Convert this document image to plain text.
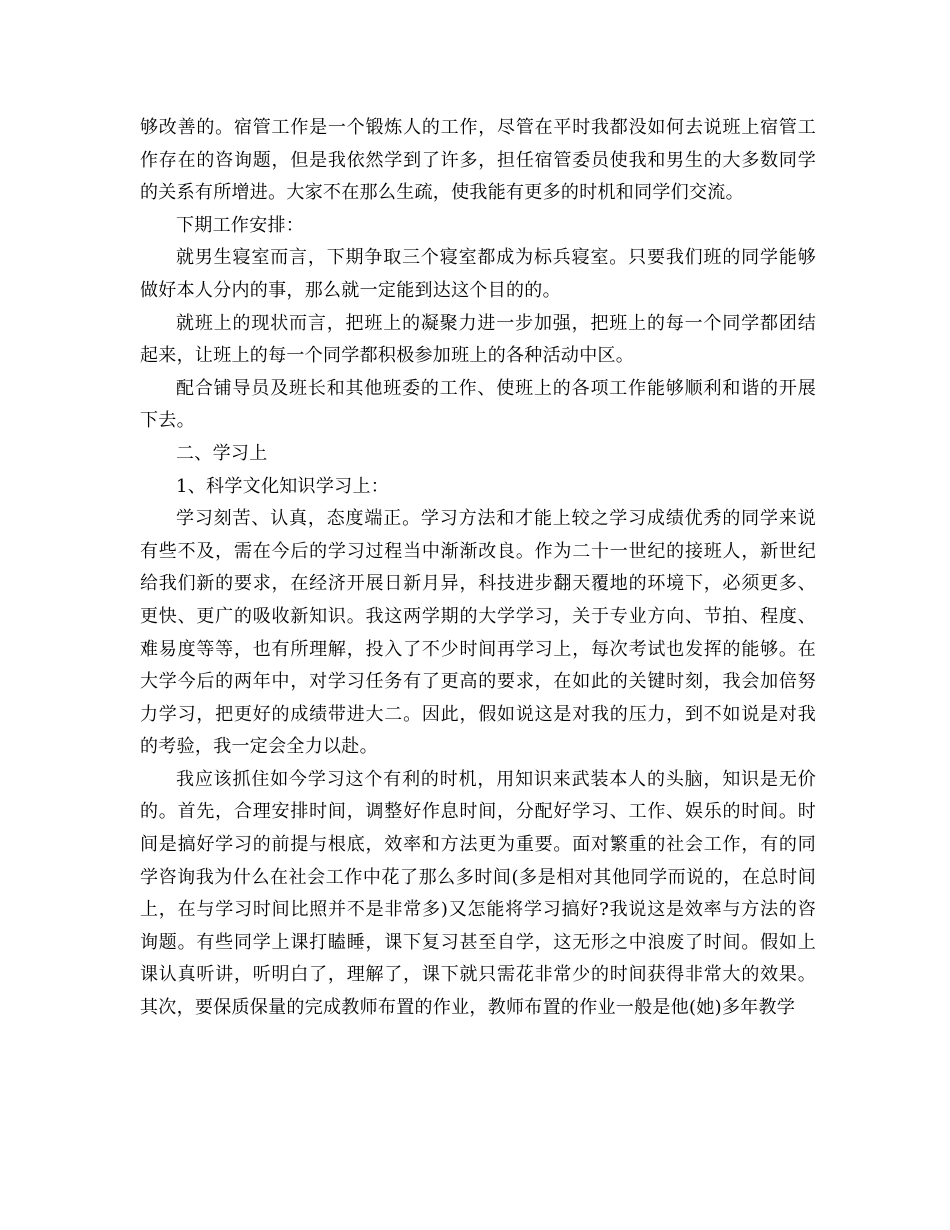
够改善的。宿管工作是一个锻炼人的工作，尽管在平时我都没如何去说班上宿管工作存在的咨询题，但是我依然学到了许多，担任宿管委员使我和男生的大多数同学的关系有所增进。大家不在那么生疏，使我能有更多的时机和同学们交流。

下期工作安排：

就男生寝室而言，下期争取三个寝室都成为标兵寝室。只要我们班的同学能够做好本人分内的事，那么就一定能到达这个目的的。

就班上的现状而言，把班上的凝聚力进一步加强，把班上的每一个同学都团结起来，让班上的每一个同学都积极参加班上的各种活动中区。

配合铺导员及班长和其他班委的工作、使班上的各项工作能够顺利和谐的开展下去。

二、学习上

1、科学文化知识学习上：

学习刻苦、认真，态度端正。学习方法和才能上较之学习成绩优秀的同学来说有些不及，需在今后的学习过程当中渐渐改良。作为二十一世纪的接班人，新世纪给我们新的要求，在经济开展日新月异，科技进步翻天覆地的环境下，必须更多、更快、更广的吸收新知识。我这两学期的大学学习，关于专业方向、节拍、程度、难易度等等，也有所理解，投入了不少时间再学习上，每次考试也发挥的能够。在大学今后的两年中，对学习任务有了更高的要求，在如此的关键时刻，我会加倍努力学习，把更好的成绩带进大二。因此，假如说这是对我的压力，到不如说是对我的考验，我一定会全力以赴。

我应该抓住如今学习这个有利的时机，用知识来武装本人的头脑，知识是无价的。首先，合理安排时间，调整好作息时间，分配好学习、工作、娱乐的时间。时间是搞好学习的前提与根底，效率和方法更为重要。面对繁重的社会工作，有的同学咨询我为什么在社会工作中花了那么多时间(多是相对其他同学而说的，在总时间上，在与学习时间比照并不是非常多)又怎能将学习搞好?我说这是效率与方法的咨询题。有些同学上课打瞌睡，课下复习甚至自学，这无形之中浪废了时间。假如上课认真听讲，听明白了，理解了，课下就只需花非常少的时间获得非常大的效果。其次，要保质保量的完成教师布置的作业，教师布置的作业一般是他(她)多年教学
